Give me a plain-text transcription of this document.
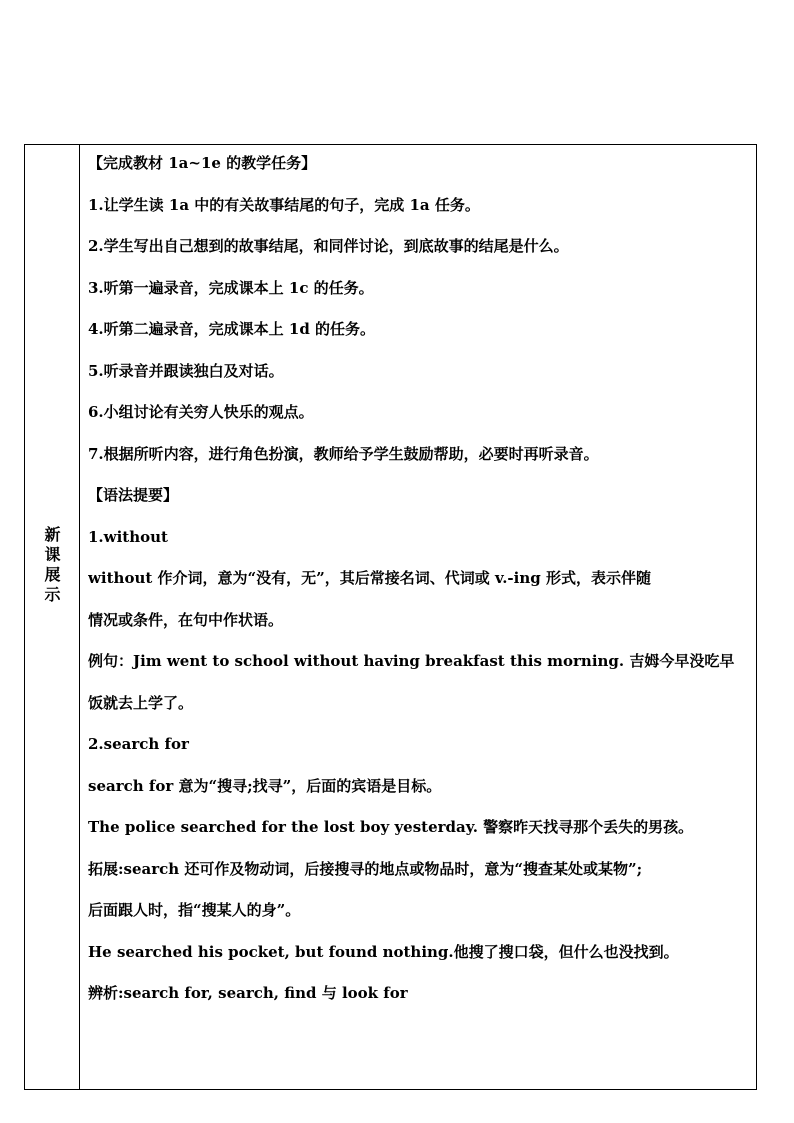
新
课
展
示
【完成教材 1a~1e 的教学任务】
1.让学生读 1a 中的有关故事结尾的句子，完成 1a 任务。
2.学生写出自己想到的故事结尾，和同伴讨论，到底故事的结尾是什么。
3.听第一遍录音，完成课本上 1c 的任务。
4.听第二遍录音，完成课本上 1d 的任务。
5.听录音并跟读独白及对话。
6.小组讨论有关穷人快乐的观点。
7.根据所听内容，进行角色扮演，教师给予学生鼓励帮助，必要时再听录音。
【语法提要】
1.without
without 作介词，意为“没有，无”，其后常接名词、代词或 v.-ing 形式，表示伴随
情况或条件，在句中作状语。
例句：Jim went to school without having breakfast this morning. 吉姆今早没吃早
饭就去上学了。
2.search for
search for 意为“搜寻;找寻”，后面的宾语是目标。
The police searched for the lost boy yesterday. 警察昨天找寻那个丢失的男孩。
拓展:search 还可作及物动词，后接搜寻的地点或物品时，意为“搜查某处或某物”;
后面跟人时，指“搜某人的身”。
He searched his pocket, but found nothing.他搜了搜口袋，但什么也没找到。
辨析:search for, search, find 与 look for
